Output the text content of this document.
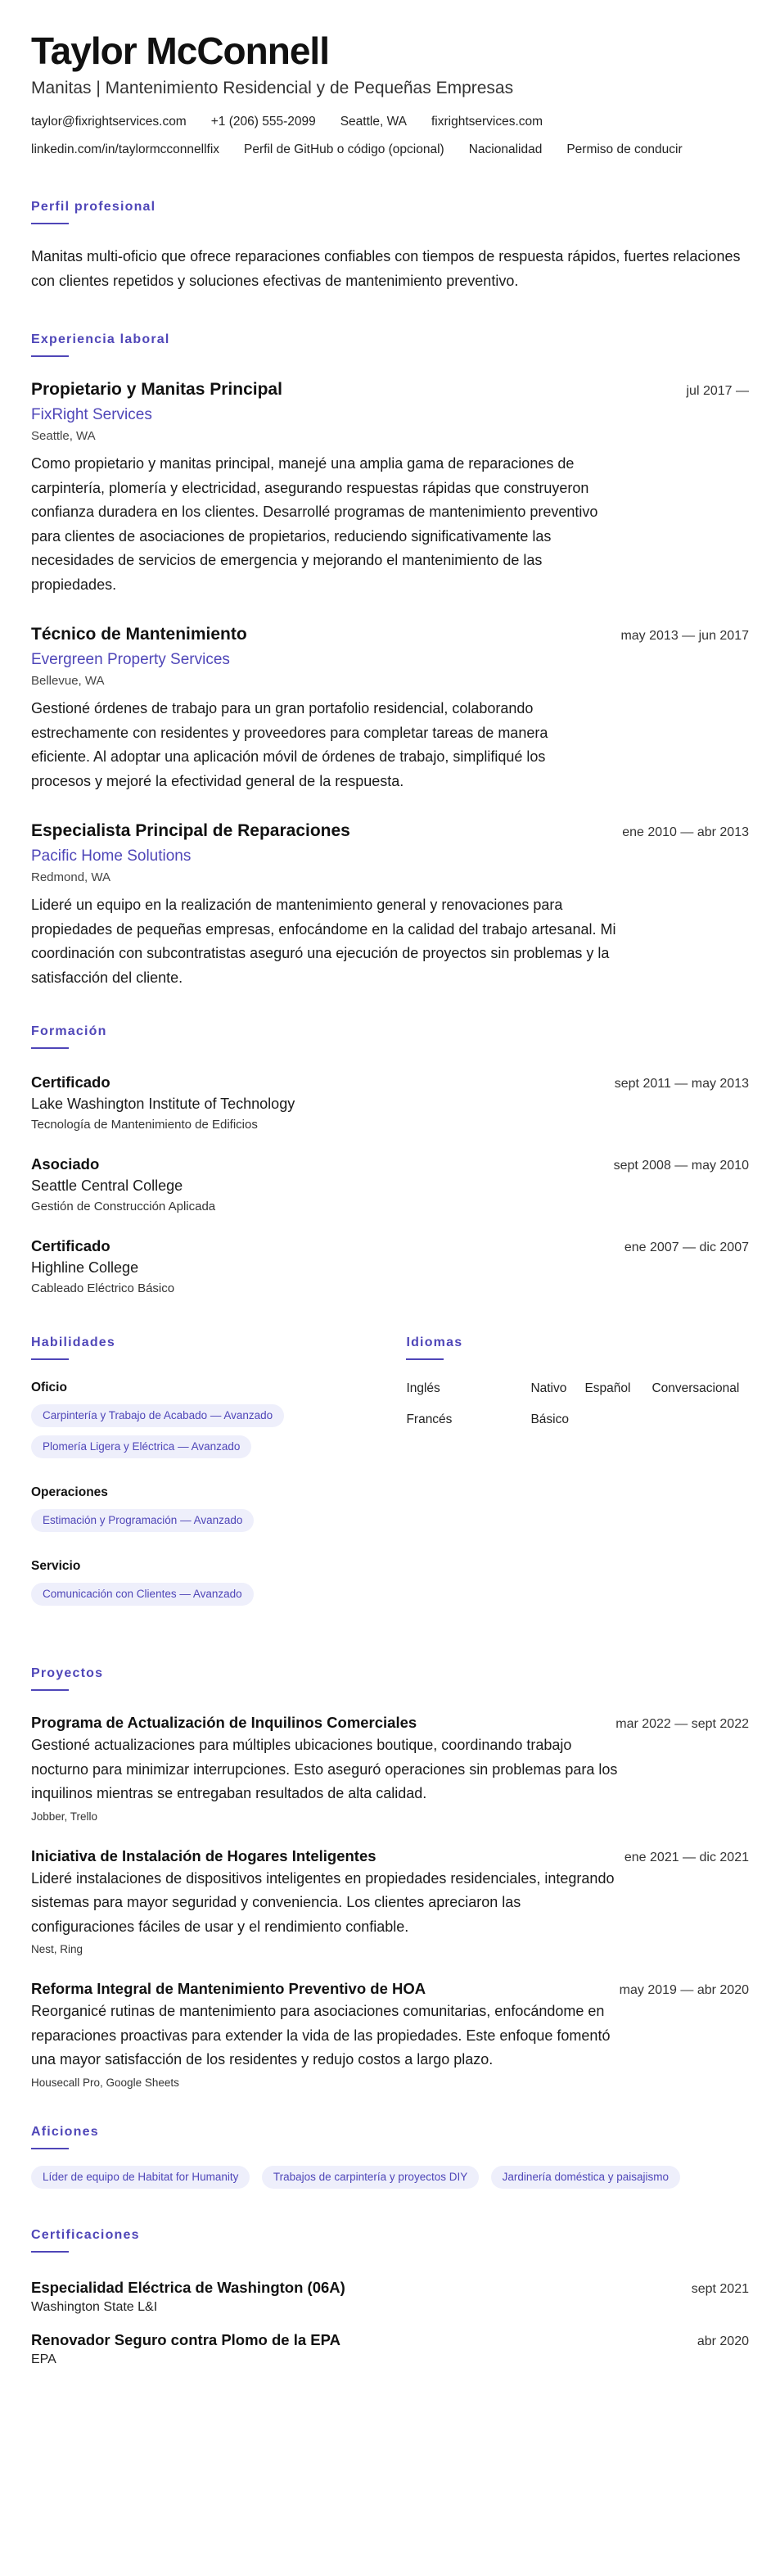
Taylor McConnell
Manitas | Mantenimiento Residencial y de Pequeñas Empresas
taylor@fixrightservices.com +1 (206) 555-2099 Seattle, WA fixrightservices.com
linkedin.com/in/taylormcconnellfix Perfil de GitHub o código (opcional) Nacionalidad Permiso de conducir
Perfil profesional
Manitas multi-oficio que ofrece reparaciones confiables con tiempos de respuesta rápidos, fuertes relaciones con clientes repetidos y soluciones efectivas de mantenimiento preventivo.
Experiencia laboral
Propietario y Manitas Principal	jul 2017 —
FixRight Services
Seattle, WA
Como propietario y manitas principal, manejé una amplia gama de reparaciones de carpintería, plomería y electricidad, asegurando respuestas rápidas que construyeron confianza duradera en los clientes. Desarrollé programas de mantenimiento preventivo para clientes de asociaciones de propietarios, reduciendo significativamente las necesidades de servicios de emergencia y mejorando el mantenimiento de las propiedades.
Técnico de Mantenimiento	may 2013 — jun 2017
Evergreen Property Services
Bellevue, WA
Gestioné órdenes de trabajo para un gran portafolio residencial, colaborando estrechamente con residentes y proveedores para completar tareas de manera eficiente. Al adoptar una aplicación móvil de órdenes de trabajo, simplifiqué los procesos y mejoré la efectividad general de la respuesta.
Especialista Principal de Reparaciones	ene 2010 — abr 2013
Pacific Home Solutions
Redmond, WA
Lideré un equipo en la realización de mantenimiento general y renovaciones para propiedades de pequeñas empresas, enfocándome en la calidad del trabajo artesanal. Mi coordinación con subcontratistas aseguró una ejecución de proyectos sin problemas y la satisfacción del cliente.
Formación
Certificado	sept 2011 — may 2013
Lake Washington Institute of Technology
Tecnología de Mantenimiento de Edificios
Asociado	sept 2008 — may 2010
Seattle Central College
Gestión de Construcción Aplicada
Certificado	ene 2007 — dic 2007
Highline College
Cableado Eléctrico Básico
Habilidades
Oficio
Carpintería y Trabajo de Acabado — Avanzado
Plomería Ligera y Eléctrica — Avanzado
Operaciones
Estimación y Programación — Avanzado
Servicio
Comunicación con Clientes — Avanzado
Idiomas
Inglés	Nativo	Español	Conversacional
Francés	Básico
Proyectos
Programa de Actualización de Inquilinos Comerciales	mar 2022 — sept 2022
Gestioné actualizaciones para múltiples ubicaciones boutique, coordinando trabajo nocturno para minimizar interrupciones. Esto aseguró operaciones sin problemas para los inquilinos mientras se entregaban resultados de alta calidad.
Jobber, Trello
Iniciativa de Instalación de Hogares Inteligentes	ene 2021 — dic 2021
Lideré instalaciones de dispositivos inteligentes en propiedades residenciales, integrando sistemas para mayor seguridad y conveniencia. Los clientes apreciaron las configuraciones fáciles de usar y el rendimiento confiable.
Nest, Ring
Reforma Integral de Mantenimiento Preventivo de HOA	may 2019 — abr 2020
Reorganicé rutinas de mantenimiento para asociaciones comunitarias, enfocándome en reparaciones proactivas para extender la vida de las propiedades. Este enfoque fomentó una mayor satisfacción de los residentes y redujo costos a largo plazo.
Housecall Pro, Google Sheets
Aficiones
Líder de equipo de Habitat for Humanity	Trabajos de carpintería y proyectos DIY	Jardinería doméstica y paisajismo
Certificaciones
Especialidad Eléctrica de Washington (06A)	sept 2021
Washington State L&I
Renovador Seguro contra Plomo de la EPA	abr 2020
EPA
